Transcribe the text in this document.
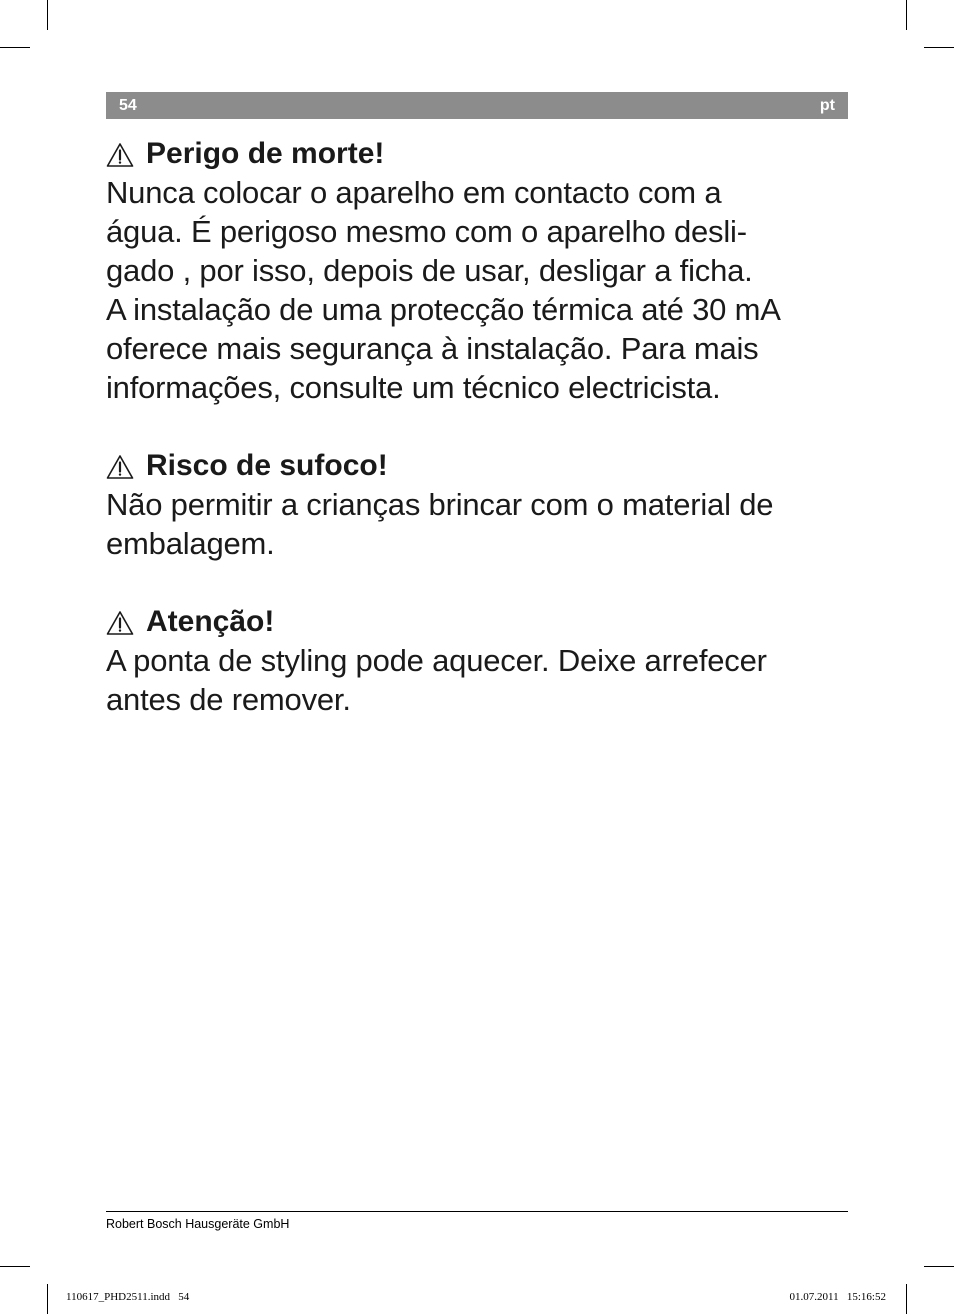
54	pt
Perigo de morte!
Nunca colocar o aparelho em contacto com a
água. É perigoso mesmo com o aparelho desli-
gado , por isso, depois de usar, desligar a ficha.
A instalação de uma protecção térmica até 30 mA
oferece mais segurança à instalação. Para mais
informações, consulte um técnico electricista.
Risco de sufoco!
Não permitir a crianças brincar com o material de
embalagem.
Atenção!
A ponta de styling pode aquecer. Deixe arrefecer
antes de remover.
Robert Bosch Hausgeräte GmbH
110617_PHD2511.indd   54	01.07.2011   15:16:52
